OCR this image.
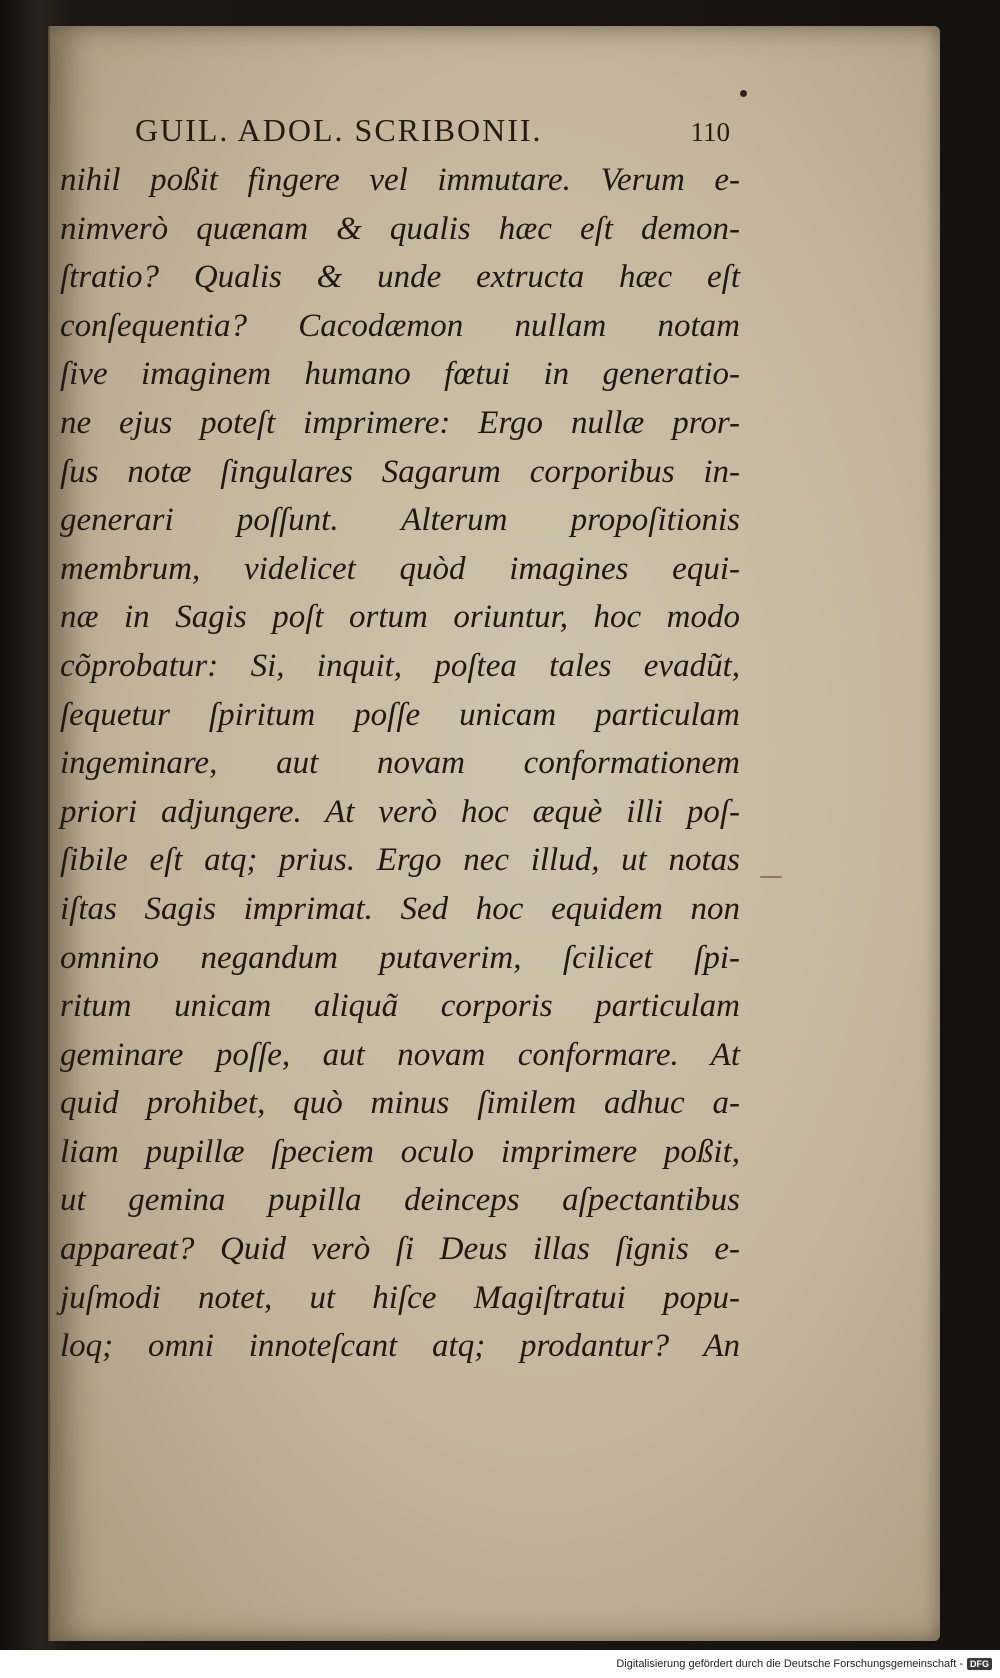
GUIL. ADOL. SCRIBONII.	110
nihil poßit fingere vel immutare. Verum e-
nimverò quænam & qualis hæc eſt demon-
ſtratio? Qualis & unde extructa hæc eſt
conſequentia? Cacodæmon nullam notam
ſive imaginem humano fœtui in generatio-
ne ejus poteſt imprimere: Ergo nullæ pror-
ſus notæ ſingulares Sagarum corporibus in-
generari poſſunt. Alterum propoſitionis
membrum, videlicet quòd imagines equi-
næ in Sagis poſt ortum oriuntur, hoc modo
cõprobatur: Si, inquit, poſtea tales evadũt,
ſequetur ſpiritum poſſe unicam particulam
ingeminare, aut novam conformationem
priori adjungere. At verò hoc æquè illi poſ-
ſibile eſt atq; prius. Ergo nec illud, ut notas
iſtas Sagis imprimat. Sed hoc equidem non
omnino negandum putaverim, ſcilicet ſpi-
ritum unicam aliquã corporis particulam
geminare poſſe, aut novam conformare. At
quid prohibet, quò minus ſimilem adhuc a-
liam pupillæ ſpeciem oculo imprimere poßit,
ut gemina pupilla deinceps aſpectantibus
appareat? Quid verò ſi Deus illas ſignis e-
juſmodi notet, ut hiſce Magiſtratui popu-
loq; omni innoteſcant atq; prodantur? An
Digitalisierung gefördert durch die Deutsche Forschungsgemeinschaft - DFG
